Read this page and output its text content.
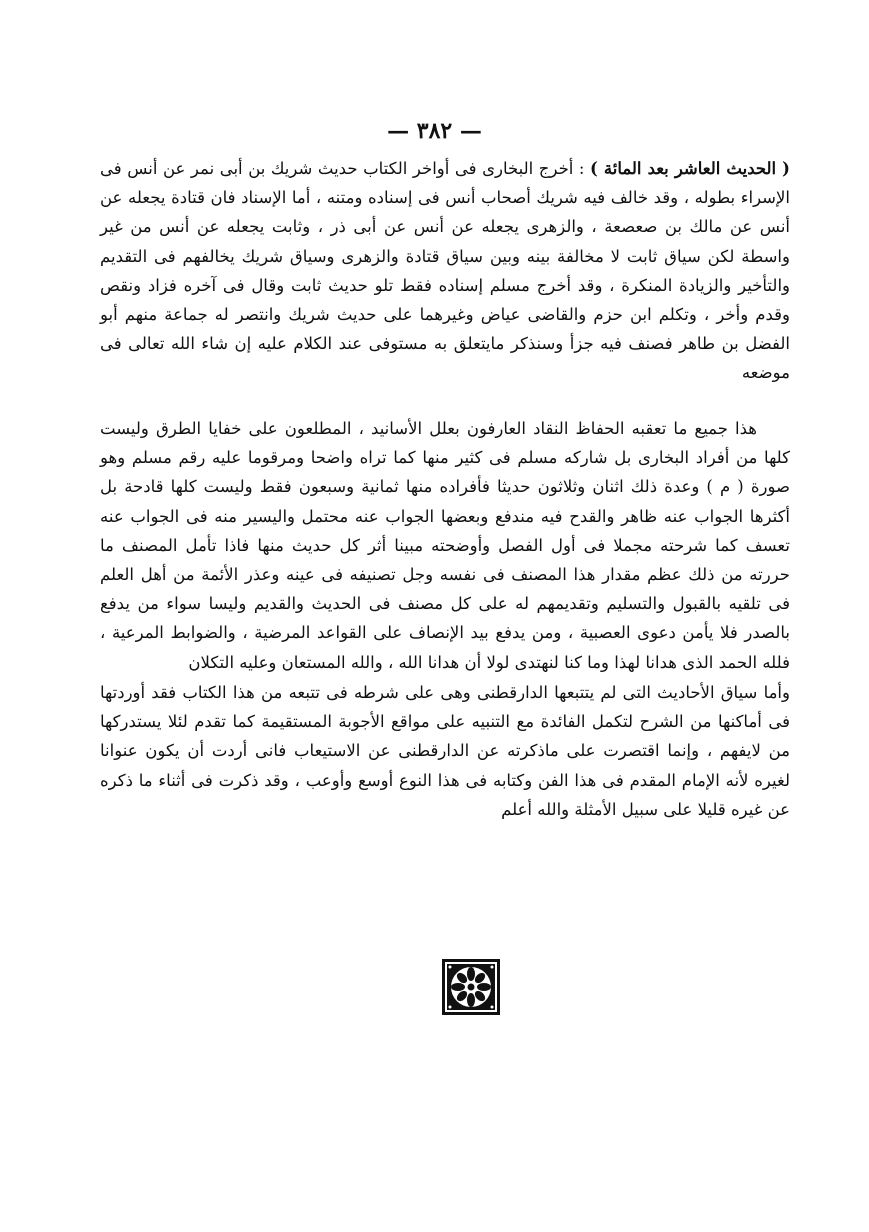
— ٣٨٢ —

( الحديث العاشر بعد المائة ) : أخرج البخارى فى أواخر الكتاب حديث شريك بن أبى نمر عن أنس فى الإسراء بطوله ، وقد خالف فيه شريك أصحاب أنس فى إسناده ومتنه ، أما الإسناد فان قتادة يجعله عن أنس عن مالك بن صعصعة ، والزهرى يجعله عن أنس عن أبى ذر ، وثابت يجعله عن أنس من غير واسطة لكن سياق ثابت لا مخالفة بينه وبين سياق قتادة والزهرى وسياق شريك يخالفهم فى التقديم والتأخير والزيادة المنكرة ، وقد أخرج مسلم إسناده فقط تلو حديث ثابت وقال فى آخره فزاد ونقص وقدم وأخر ، وتكلم ابن حزم والقاضى عياض وغيرهما على حديث شريك وانتصر له جماعة منهم أبو الفضل بن طاهر فصنف فيه جزأ وسنذكر مايتعلق به مستوفى عند الكلام عليه إن شاء الله تعالى فى موضعه

  هذا جميع ما تعقبه الحفاظ النقاد العارفون بعلل الأسانيد ، المطلعون على خفايا الطرق وليست كلها من أفراد البخارى بل شاركه مسلم فى كثير منها كما تراه واضحا ومرقوما عليه رقم مسلم وهو صورة ( م ) وعدة ذلك اثنان وثلاثون حديثا فأفراده منها ثمانية وسبعون فقط وليست كلها قادحة بل أكثرها الجواب عنه ظاهر والقدح فيه مندفع وبعضها الجواب عنه محتمل واليسير منه فى الجواب عنه تعسف كما شرحته مجملا فى أول الفصل وأوضحته مبينا أثر كل حديث منها فاذا تأمل المصنف ما حررته من ذلك عظم مقدار هذا المصنف فى نفسه وجل تصنيفه فى عينه وعذر الأئمة من أهل العلم فى تلقيه بالقبول والتسليم وتقديمهم له على كل مصنف فى الحديث والقديم وليسا سواء من يدفع بالصدر فلا يأمن دعوى العصبية ، ومن يدفع بيد الإنصاف على القواعد المرضية ، والضوابط المرعية ، فلله الحمد الذى هدانا لهذا وما كنا لنهتدى لولا أن هدانا الله ، والله المستعان وعليه التكلان

وأما سياق الأحاديث التى لم يتتبعها الدارقطنى وهى على شرطه فى تتبعه من هذا الكتاب فقد أوردتها فى أماكنها من الشرح لتكمل الفائدة مع التنبيه على مواقع الأجوبة المستقيمة كما تقدم لئلا يستدركها من لايفهم ، وإنما اقتصرت على ماذكرته عن الدارقطنى عن الاستيعاب فانى أردت أن يكون عنوانا لغيره لأنه الإمام المقدم فى هذا الفن وكتابه فى هذا النوع أوسع وأوعب ، وقد ذكرت فى أثناء ما ذكره عن غيره قليلا على سبيل الأمثلة والله أعلم
